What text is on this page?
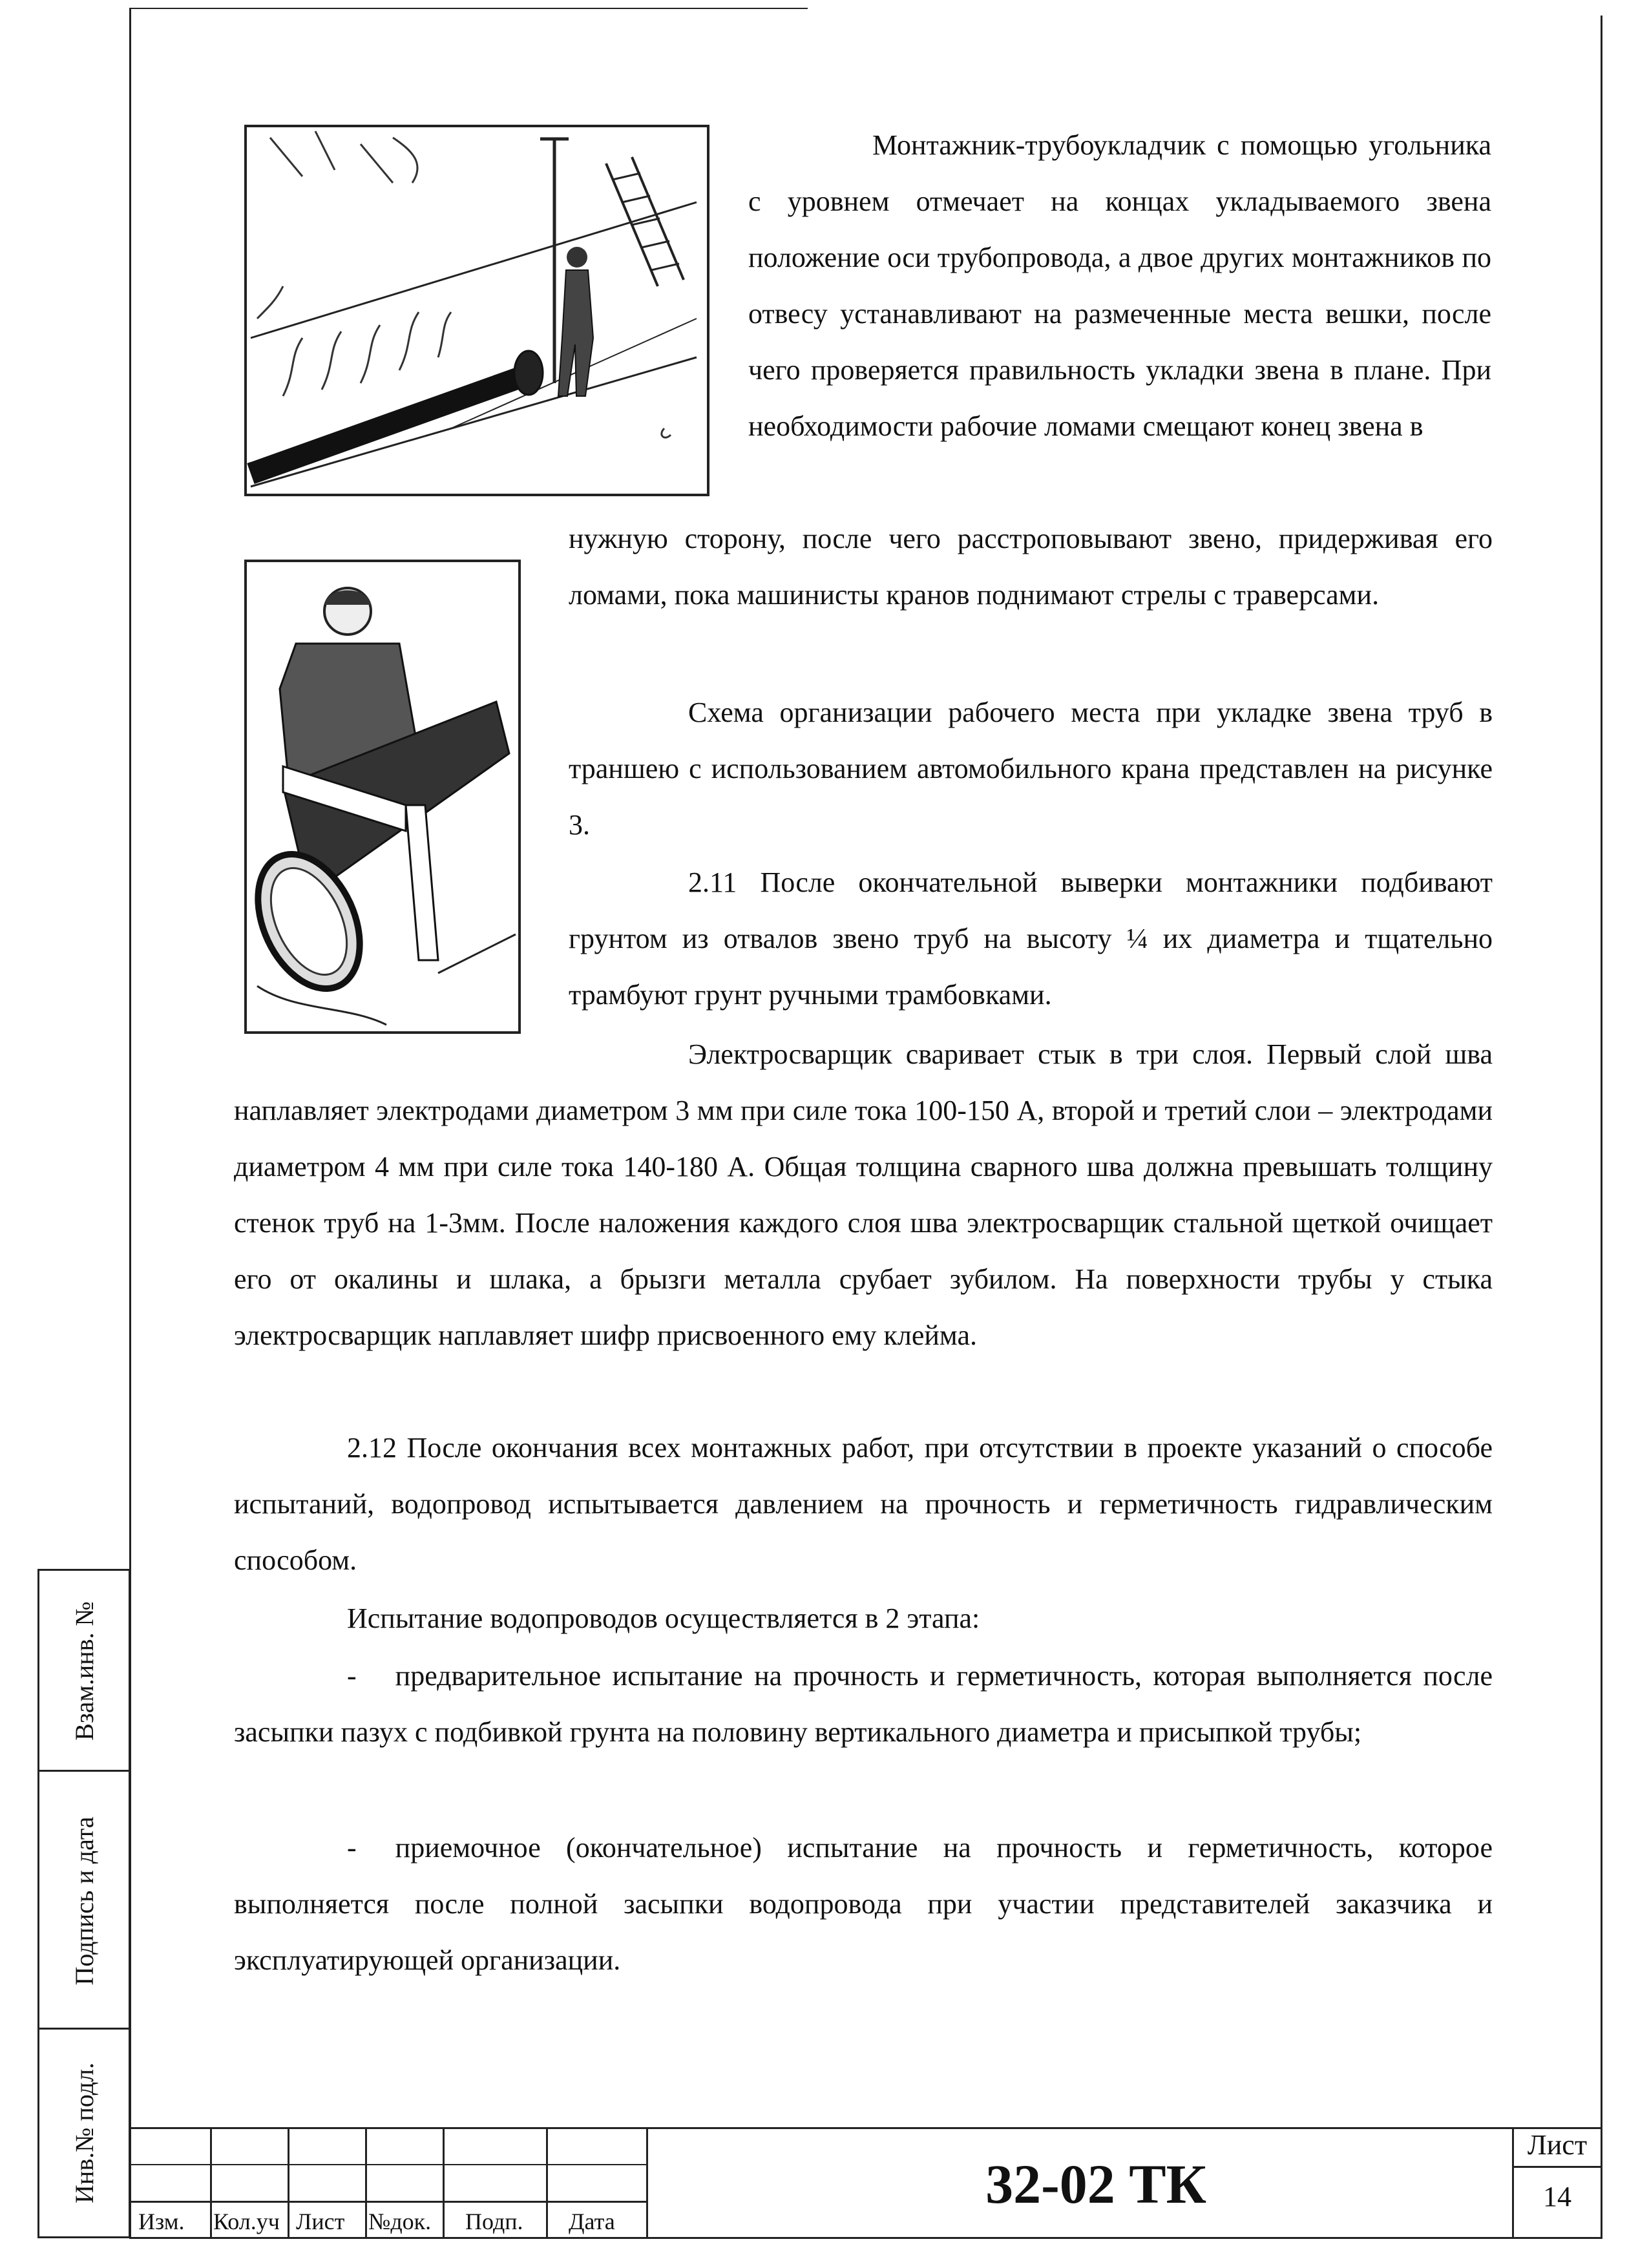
Монтажник-трубоукладчик с помощью угольника с уровнем отмечает на концах укладываемого звена положение оси трубопровода, а двое других монтажников по отвесу устанавливают на размеченные места вешки, после чего проверяется правильность укладки звена в плане. При необходимости рабочие ломами смещают конец звена в

нужную сторону, после чего расстроповывают звено, придерживая его ломами, пока машинисты кранов поднимают стрелы с траверсами.

Схема организации рабочего места при укладке звена труб в траншею с использованием автомобильного крана представлен на рисунке 3.

2.11 После окончательной выверки монтажники подбивают грунтом из отвалов звено труб на высоту ¼ их диаметра и тщательно трамбуют грунт ручными трамбовками.

Электросварщик сваривает стык в три слоя. Первый слой шва наплавляет электродами диаметром 3 мм при силе тока 100-150 А, второй и третий слои – электродами диаметром 4 мм при силе тока 140-180 А. Общая толщина сварного шва должна превышать толщину стенок труб на 1-3мм. После наложения каждого слоя шва электросварщик стальной щеткой очищает его от окалины и шлака, а брызги металла срубает зубилом. На поверхности трубы у стыка электросварщик наплавляет шифр присвоенного ему клейма.

2.12 После окончания всех монтажных работ, при отсутствии в проекте указаний о способе испытаний, водопровод испытывается давлением на прочность и герметичность гидравлическим способом.

Испытание водопроводов осуществляется в 2 этапа:

- предварительное испытание на прочность и герметичность, которая выполняется после засыпки пазух с подбивкой грунта на половину вертикального диаметра и присыпкой трубы;

- приемочное (окончательное) испытание на прочность и герметичность, которое выполняется после полной засыпки водопровода при участии представителей заказчика и эксплуатирующей организации.

Взам.инв. №
Подпись и дата
Инв.№ подл.
Изм. Кол.уч Лист №док. Подп. Дата
32-02 ТК
Лист
14
